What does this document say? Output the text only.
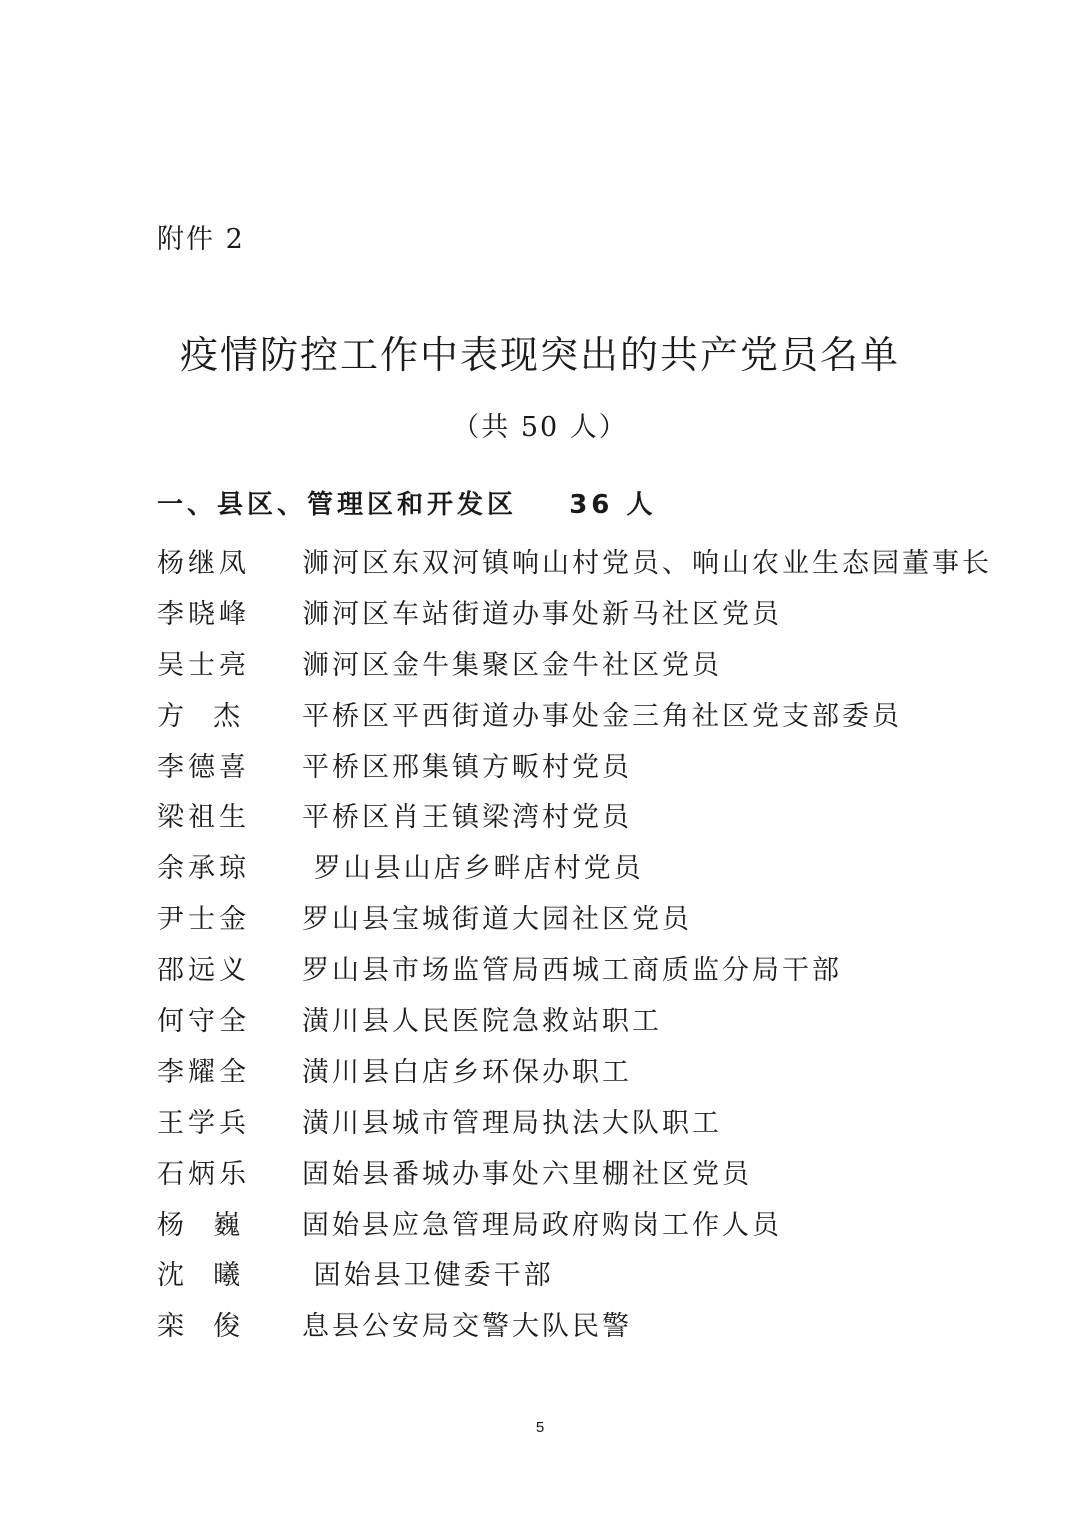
附件 2
疫情防控工作中表现突出的共产党员名单
（共 50 人）
一、县区、管理区和开发区    36 人
杨继凤	浉河区东双河镇响山村党员、响山农业生态园董事长
李晓峰	浉河区车站街道办事处新马社区党员
吴士亮	浉河区金牛集聚区金牛社区党员
方  杰	平桥区平西街道办事处金三角社区党支部委员
李德喜	平桥区邢集镇方畈村党员
梁祖生	平桥区肖王镇梁湾村党员
余承琼	罗山县山店乡畔店村党员
尹士金	罗山县宝城街道大园社区党员
邵远义	罗山县市场监管局西城工商质监分局干部
何守全	潢川县人民医院急救站职工
李耀全	潢川县白店乡环保办职工
王学兵	潢川县城市管理局执法大队职工
石炳乐	固始县番城办事处六里棚社区党员
杨  巍	固始县应急管理局政府购岗工作人员
沈  曦	固始县卫健委干部
栾  俊	息县公安局交警大队民警
5
